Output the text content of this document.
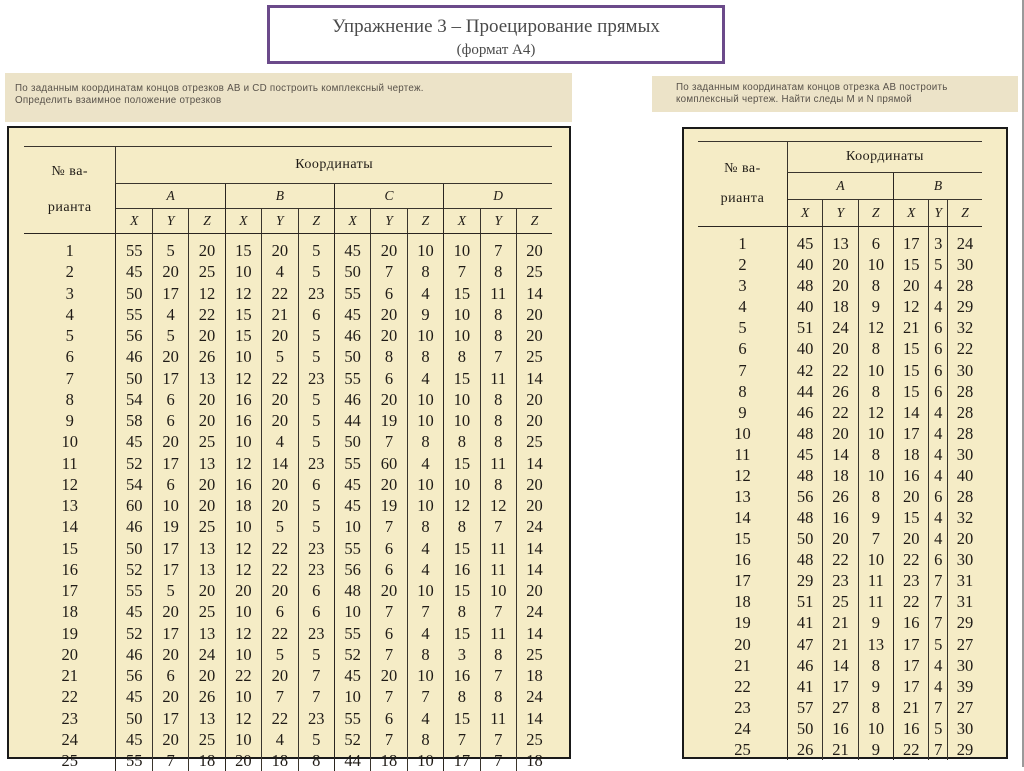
Упражнение 3 – Проецирование прямых
(формат А4)
По заданным координатам концов отрезков AB и CD построить комплексный чертеж.
Определить взаимное положение отрезков
По заданным координатам концов отрезка AB построить
комплексный чертеж. Найти следы M и N прямой
№ ва-
рианта	Координаты											
	A			B			C			D		
	X	Y	Z	X	Y	Z	X	Y	Z	X	Y	Z
1	55	5	20	15	20	5	45	20	10	10	7	20
2	45	20	25	10	4	5	50	7	8	7	8	25
3	50	17	12	12	22	23	55	6	4	15	11	14
4	55	4	22	15	21	6	45	20	9	10	8	20
5	56	5	20	15	20	5	46	20	10	10	8	20
6	46	20	26	10	5	5	50	8	8	8	7	25
7	50	17	13	12	22	23	55	6	4	15	11	14
8	54	6	20	16	20	5	46	20	10	10	8	20
9	58	6	20	16	20	5	44	19	10	10	8	20
10	45	20	25	10	4	5	50	7	8	8	8	25
11	52	17	13	12	14	23	55	60	4	15	11	14
12	54	6	20	16	20	6	45	20	10	10	8	20
13	60	10	20	18	20	5	45	19	10	12	12	20
14	46	19	25	10	5	5	10	7	8	8	7	24
15	50	17	13	12	22	23	55	6	4	15	11	14
16	52	17	13	12	22	23	56	6	4	16	11	14
17	55	5	20	20	20	6	48	20	10	15	10	20
18	45	20	25	10	6	6	10	7	7	8	7	24
19	52	17	13	12	22	23	55	6	4	15	11	14
20	46	20	24	10	5	5	52	7	8	3	8	25
21	56	6	20	22	20	7	45	20	10	16	7	18
22	45	20	26	10	7	7	10	7	7	8	8	24
23	50	17	13	12	22	23	55	6	4	15	11	14
24	45	20	25	10	4	5	52	7	8	7	7	25
25	55	7	18	20	18	8	44	18	10	17	7	18
№ ва-
рианта	Координаты					
	A			B		
	X	Y	Z	X	Y	Z
1	45	13	6	17	3	24
2	40	20	10	15	5	30
3	48	20	8	20	4	28
4	40	18	9	12	4	29
5	51	24	12	21	6	32
6	40	20	8	15	6	22
7	42	22	10	15	6	30
8	44	26	8	15	6	28
9	46	22	12	14	4	28
10	48	20	10	17	4	28
11	45	14	8	18	4	30
12	48	18	10	16	4	40
13	56	26	8	20	6	28
14	48	16	9	15	4	32
15	50	20	7	20	4	20
16	48	22	10	22	6	30
17	29	23	11	23	7	31
18	51	25	11	22	7	31
19	41	21	9	16	7	29
20	47	21	13	17	5	27
21	46	14	8	17	4	30
22	41	17	9	17	4	39
23	57	27	8	21	7	27
24	50	16	10	16	5	30
25	26	21	9	22	7	29
